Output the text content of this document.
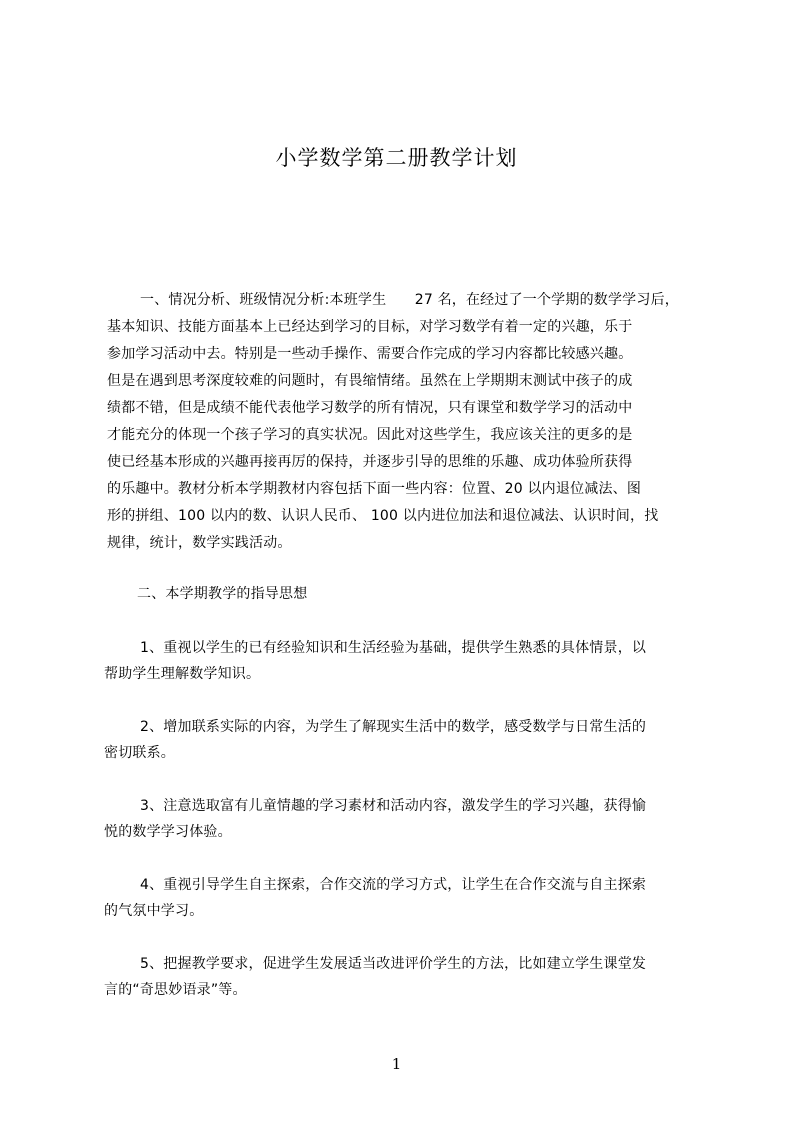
小学数学第二册教学计划
一、情况分析、班级情况分析:本班学生　　27 名，在经过了一个学期的数学学习后，
基本知识、技能方面基本上已经达到学习的目标，对学习数学有着一定的兴趣，乐于
参加学习活动中去。特别是一些动手操作、需要合作完成的学习内容都比较感兴趣。
但是在遇到思考深度较难的问题时，有畏缩情绪。虽然在上学期期末测试中孩子的成
绩都不错，但是成绩不能代表他学习数学的所有情况，只有课堂和数学学习的活动中
才能充分的体现一个孩子学习的真实状况。因此对这些学生，我应该关注的更多的是
使已经基本形成的兴趣再接再厉的保持，并逐步引导的思维的乐趣、成功体验所获得
的乐趣中。教材分析本学期教材内容包括下面一些内容：位置、20 以内退位减法、图
形的拼组、100 以内的数、认识人民币、 100 以内进位加法和退位减法、认识时间，找
规律，统计，数学实践活动。
二、本学期教学的指导思想
1、重视以学生的已有经验知识和生活经验为基础，提供学生熟悉的具体情景，以
帮助学生理解数学知识。
2、增加联系实际的内容，为学生了解现实生活中的数学，感受数学与日常生活的
密切联系。
3、注意选取富有儿童情趣的学习素材和活动内容，激发学生的学习兴趣，获得愉
悦的数学学习体验。
4、重视引导学生自主探索，合作交流的学习方式，让学生在合作交流与自主探索
的气氛中学习。
5、把握教学要求，促进学生发展适当改进评价学生的方法，比如建立学生课堂发
言的“奇思妙语录”等。
1
